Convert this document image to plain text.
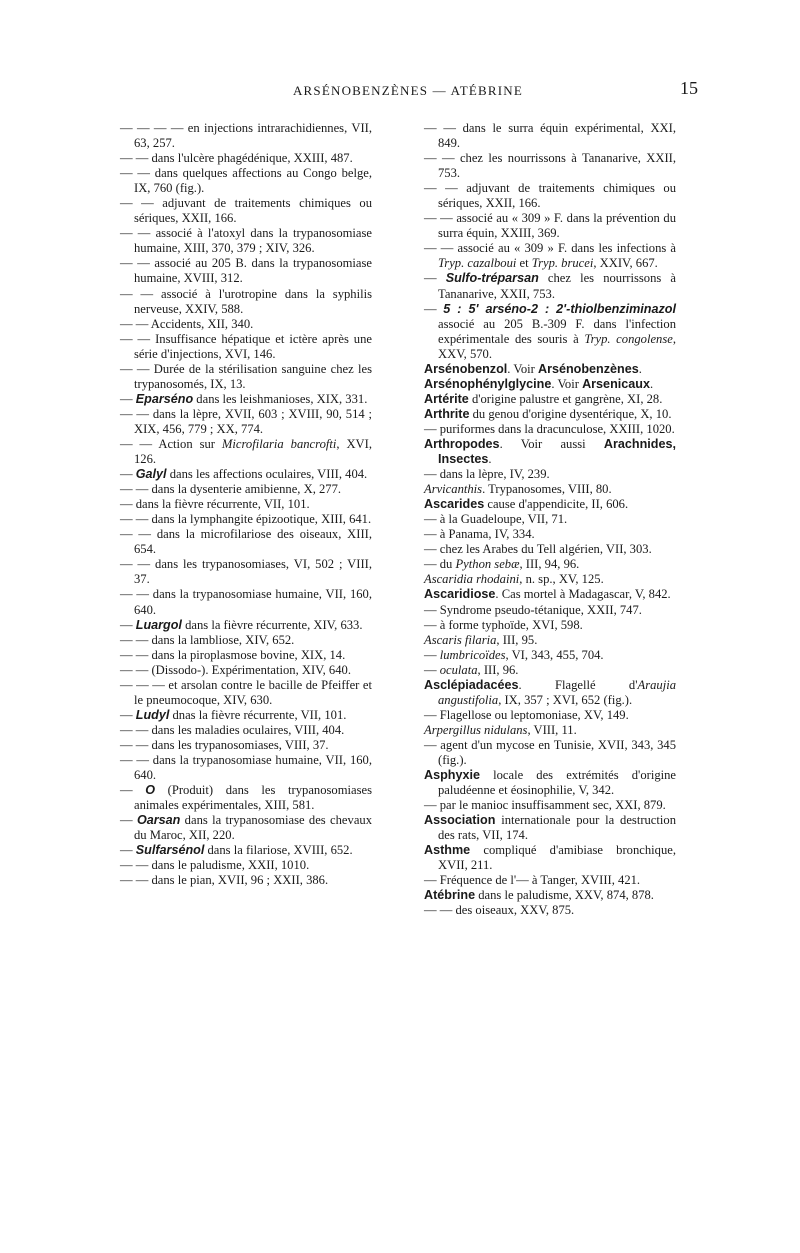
ARSÉNOBENZÈNES — ATÉBRINE	15

— — — — en injections intrarachidiennes, VII, 63, 257.

— — dans l'ulcère phagédénique, XXIII, 487.

— — dans quelques affections au Congo belge, IX, 760 (fig.).

— — adjuvant de traitements chimiques ou sériques, XXII, 166.

— — associé à l'atoxyl dans la trypanosomiase humaine, XIII, 370, 379 ; XIV, 326.

— — associé au 205 B. dans la trypanosomiase humaine, XVIII, 312.

— — associé à l'urotropine dans la syphilis nerveuse, XXIV, 588.

— — Accidents, XII, 340.

— — Insuffisance hépatique et ictère après une série d'injections, XVI, 146.

— — Durée de la stérilisation sanguine chez les trypanosomés, IX, 13.

— Eparséno dans les leishmanioses, XIX, 331.

— — dans la lèpre, XVII, 603 ; XVIII, 90, 514 ; XIX, 456, 779 ; XX, 774.

— — Action sur Microfilaria bancrofti, XVI, 126.

— Galyl dans les affections oculaires, VIII, 404.

— — dans la dysenterie amibienne, X, 277.

— dans la fièvre récurrente, VII, 101.

— — dans la lymphangite épizootique, XIII, 641.

— — dans la microfilariose des oiseaux, XIII, 654.

— — dans les trypanosomiases, VI, 502 ; VIII, 37.

— — dans la trypanosomiase humaine, VII, 160, 640.

— Luargol dans la fièvre récurrente, XIV, 633.

— — dans la lambliose, XIV, 652.

— — dans la piroplasmose bovine, XIX, 14.

— — (Dissodo-). Expérimentation, XIV, 640.

— — — et arsolan contre le bacille de Pfeiffer et le pneumocoque, XIV, 630.

— Ludyl dnas la fièvre récurrente, VII, 101.

— — dans les maladies oculaires, VIII, 404.

— — dans les trypanosomiases, VIII, 37.

— — dans la trypanosomiase humaine, VII, 160, 640.

— O (Produit) dans les trypanosomiases animales expérimentales, XIII, 581.

— Oarsan dans la trypanosomiase des chevaux du Maroc, XII, 220.

— Sulfarsénol dans la filariose, XVIII, 652.

— — dans le paludisme, XXII, 1010.

— — dans le pian, XVII, 96 ; XXII, 386.

— — dans le surra équin expérimental, XXI, 849.

— — chez les nourrissons à Tananarive, XXII, 753.

— — adjuvant de traitements chimiques ou sériques, XXII, 166.

— — associé au « 309 » F. dans la prévention du surra équin, XXIII, 369.

— — associé au « 309 » F. dans les infections à Tryp. cazalboui et Tryp. brucei, XXIV, 667.

— Sulfo-tréparsan chez les nourrissons à Tananarive, XXII, 753.

— 5 : 5' arséno-2 : 2'-thiolbenziminazol associé au 205 B.-309 F. dans l'infection expérimentale des souris à Tryp. congolense, XXV, 570.

Arsénobenzol. Voir Arsénobenzènes.

Arsénophénylglycine. Voir Arsenicaux.

Artérite d'origine palustre et gangrène, XI, 28.

Arthrite du genou d'origine dysentérique, X, 10.

— puriformes dans la dracunculose, XXIII, 1020.

Arthropodes. Voir aussi Arachnides, Insectes.

— dans la lèpre, IV, 239.

Arvicanthis. Trypanosomes, VIII, 80.

Ascarides cause d'appendicite, II, 606.

— à la Guadeloupe, VII, 71.

— à Panama, IV, 334.

— chez les Arabes du Tell algérien, VII, 303.

— du Python sebæ, III, 94, 96.

Ascaridia rhodaini, n. sp., XV, 125.

Ascaridiose. Cas mortel à Madagascar, V, 842.

— Syndrome pseudo-tétanique, XXII, 747.

— à forme typhoïde, XVI, 598.

Ascaris filaria, III, 95.

— lumbricoïdes, VI, 343, 455, 704.

— oculata, III, 96.

Asclépiadacées. Flagellé d'Araujia angustifolia, IX, 357 ; XVI, 652 (fig.).

— Flagellose ou leptomoniase, XV, 149.

Arpergillus nidulans, VIII, 11.

— agent d'un mycose en Tunisie, XVII, 343, 345 (fig.).

Asphyxie locale des extrémités d'origine paludéenne et éosinophilie, V, 342.

— par le manioc insuffisamment sec, XXI, 879.

Association internationale pour la destruction des rats, VII, 174.

Asthme compliqué d'amibiase bronchique, XVII, 211.

— Fréquence de l'— à Tanger, XVIII, 421.

Atébrine dans le paludisme, XXV, 874, 878.

— — des oiseaux, XXV, 875.
